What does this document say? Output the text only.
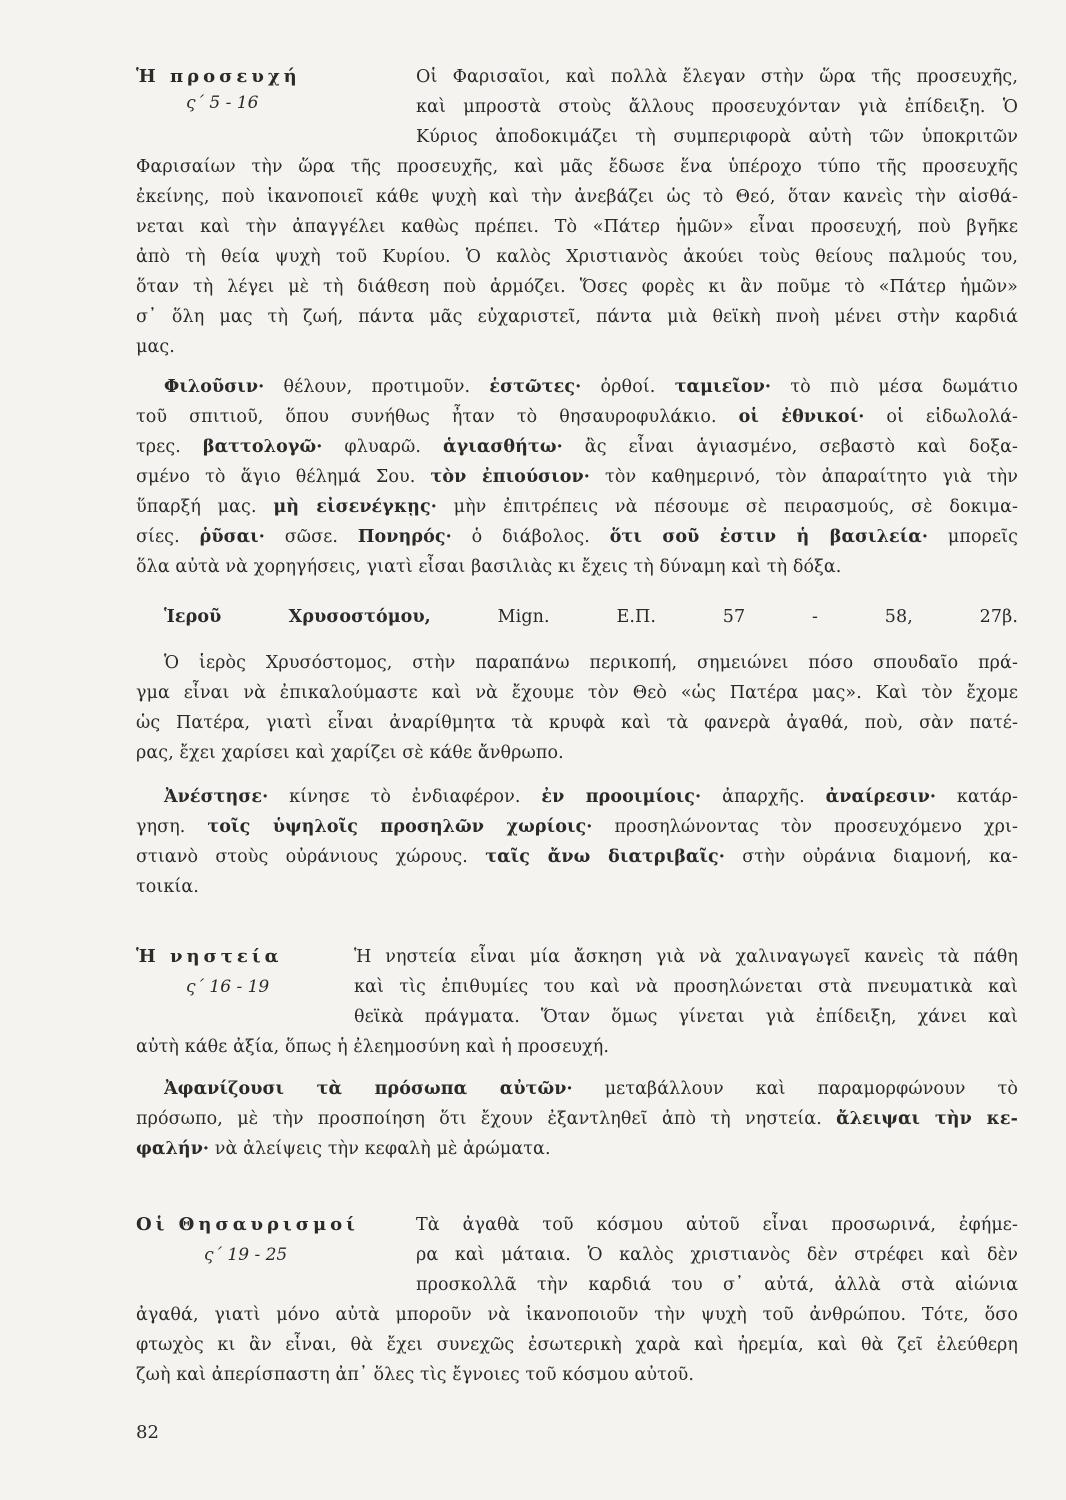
Ἡ προσευχή
ς΄ 5 - 16
Οἱ Φαρισαῖοι, καὶ πολλὰ ἔλεγαν στὴν ὥρα τῆς προσευχῆς,
καὶ μπροστὰ στοὺς ἄλλους προσευχόνταν γιὰ ἐπίδειξη. Ὁ
Κύριος ἀποδοκιμάζει τὴ συμπεριφορὰ αὐτὴ τῶν ὑποκριτῶν
Φαρισαίων τὴν ὥρα τῆς προσευχῆς, καὶ μᾶς ἔδωσε ἕνα ὑπέροχο τύπο τῆς προσευχῆς
ἐκείνης, ποὺ ἱκανοποιεῖ κάθε ψυχὴ καὶ τὴν ἀνεβάζει ὡς τὸ Θεό, ὅταν κανεὶς τὴν αἰσθά-
νεται καὶ τὴν ἀπαγγέλει καθὼς πρέπει. Τὸ «Πάτερ ἡμῶν» εἶναι προσευχή, ποὺ βγῆκε
ἀπὸ τὴ θεία ψυχὴ τοῦ Κυρίου. Ὁ καλὸς Χριστιανὸς ἀκούει τοὺς θείους παλμούς του,
ὅταν τὴ λέγει μὲ τὴ διάθεση ποὺ ἁρμόζει. Ὅσες φορὲς κι ἂν ποῦμε τὸ «Πάτερ ἡμῶν»
σ᾽ ὅλη μας τὴ ζωή, πάντα μᾶς εὐχαριστεῖ, πάντα μιὰ θεϊκὴ πνοὴ μένει στὴν καρδιά
μας.
Φιλοῦσιν· θέλουν, προτιμοῦν. ἑστῶτες· ὀρθοί. ταμιεῖον· τὸ πιὸ μέσα δωμάτιο
τοῦ σπιτιοῦ, ὅπου συνήθως ἦταν τὸ θησαυροφυλάκιο. οἱ ἐθνικοί· οἱ εἰδωλολά-
τρες. βαττολογῶ· φλυαρῶ. ἁγιασθήτω· ἂς εἶναι ἁγιασμένο, σεβαστὸ καὶ δοξα-
σμένο τὸ ἅγιο θέλημά Σου. τὸν ἐπιούσιον· τὸν καθημερινό, τὸν ἀπαραίτητο γιὰ τὴν
ὕπαρξή μας. μὴ εἰσενέγκῃς· μὴν ἐπιτρέπεις νὰ πέσουμε σὲ πειρασμούς, σὲ δοκιμα-
σίες. ῥῦσαι· σῶσε. Πονηρός· ὁ διάβολος. ὅτι σοῦ ἐστιν ἡ βασιλεία· μπορεῖς
ὅλα αὐτὰ νὰ χορηγήσεις, γιατὶ εἶσαι βασιλιὰς κι ἔχεις τὴ δύναμη καὶ τὴ δόξα.
Ἱεροῦ Χρυσοστόμου, Mign. Ε.Π. 57 - 58, 27β.
Ὁ ἱερὸς Χρυσόστομος, στὴν παραπάνω περικοπή, σημειώνει πόσο σπουδαῖο πρά-
γμα εἶναι νὰ ἐπικαλούμαστε καὶ νὰ ἔχουμε τὸν Θεὸ «ὡς Πατέρα μας». Καὶ τὸν ἔχομε
ὡς Πατέρα, γιατὶ εἶναι ἀναρίθμητα τὰ κρυφὰ καὶ τὰ φανερὰ ἀγαθά, ποὺ, σὰν πατέ-
ρας, ἔχει χαρίσει καὶ χαρίζει σὲ κάθε ἄνθρωπο.
Ἀνέστησε· κίνησε τὸ ἐνδιαφέρον. ἐν προοιμίοις· ἀπαρχῆς. ἀναίρεσιν· κατάρ-
γηση. τοῖς ὑψηλοῖς προσηλῶν χωρίοις· προσηλώνοντας τὸν προσευχόμενο χρι-
στιανὸ στοὺς οὐράνιους χώρους. ταῖς ἄνω διατριβαῖς· στὴν οὐράνια διαμονή, κα-
τοικία.
Ἡ νηστεία
ς΄ 16 - 19
Ἡ νηστεία εἶναι μία ἄσκηση γιὰ νὰ χαλιναγωγεῖ κανεὶς τὰ πάθη
καὶ τὶς ἐπιθυμίες του καὶ νὰ προσηλώνεται στὰ πνευματικὰ καὶ
θεϊκὰ πράγματα. Ὅταν ὅμως γίνεται γιὰ ἐπίδειξη, χάνει καὶ
αὐτὴ κάθε ἀξία, ὅπως ἡ ἐλεημοσύνη καὶ ἡ προσευχή.
Ἀφανίζουσι τὰ πρόσωπα αὐτῶν· μεταβάλλουν καὶ παραμορφώνουν τὸ
πρόσωπο, μὲ τὴν προσποίηση ὅτι ἔχουν ἐξαντληθεῖ ἀπὸ τὴ νηστεία. ἄλειψαι τὴν κε-
φαλήν· νὰ ἀλείψεις τὴν κεφαλὴ μὲ ἀρώματα.
Οἱ Θησαυρισμοί
ς΄ 19 - 25
Τὰ ἀγαθὰ τοῦ κόσμου αὐτοῦ εἶναι προσωρινά, ἐφήμε-
ρα καὶ μάταια. Ὁ καλὸς χριστιανὸς δὲν στρέφει καὶ δὲν
προσκολλᾶ τὴν καρδιά του σ᾽ αὐτά, ἀλλὰ στὰ αἰώνια
ἀγαθά, γιατὶ μόνο αὐτὰ μποροῦν νὰ ἱκανοποιοῦν τὴν ψυχὴ τοῦ ἀνθρώπου. Τότε, ὅσο
φτωχὸς κι ἂν εἶναι, θὰ ἔχει συνεχῶς ἐσωτερικὴ χαρὰ καὶ ἠρεμία, καὶ θὰ ζεῖ ἐλεύθερη
ζωὴ καὶ ἀπερίσπαστη ἀπ᾽ ὅλες τὶς ἔγνοιες τοῦ κόσμου αὐτοῦ.
82
